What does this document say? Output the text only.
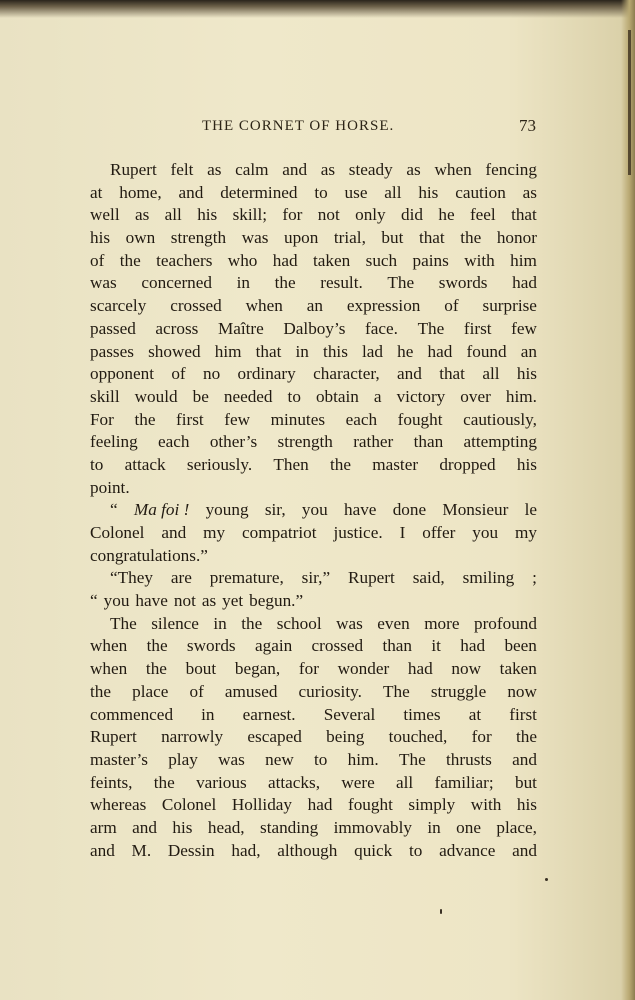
THE CORNET OF HORSE.	73
Rupert felt as calm and as steady as when fencing
at home, and determined to use all his caution as
well as all his skill; for not only did he feel that
his own strength was upon trial, but that the honor
of the teachers who had taken such pains with him
was concerned in the result. The swords had
scarcely crossed when an expression of surprise
passed across Maître Dalboy’s face. The first few
passes showed him that in this lad he had found an
opponent of no ordinary character, and that all his
skill would be needed to obtain a victory over him.
For the first few minutes each fought cautiously,
feeling each other’s strength rather than attempting
to attack seriously. Then the master dropped his
point.
“ Ma foi ! young sir, you have done Monsieur le
Colonel and my compatriot justice. I offer you my
congratulations.”
“They are premature, sir,” Rupert said, smiling ;
“ you have not as yet begun.”
The silence in the school was even more profound
when the swords again crossed than it had been
when the bout began, for wonder had now taken
the place of amused curiosity. The struggle now
commenced in earnest. Several times at first
Rupert narrowly escaped being touched, for the
master’s play was new to him. The thrusts and
feints, the various attacks, were all familiar; but
whereas Colonel Holliday had fought simply with his
arm and his head, standing immovably in one place,
and M. Dessin had, although quick to advance and
